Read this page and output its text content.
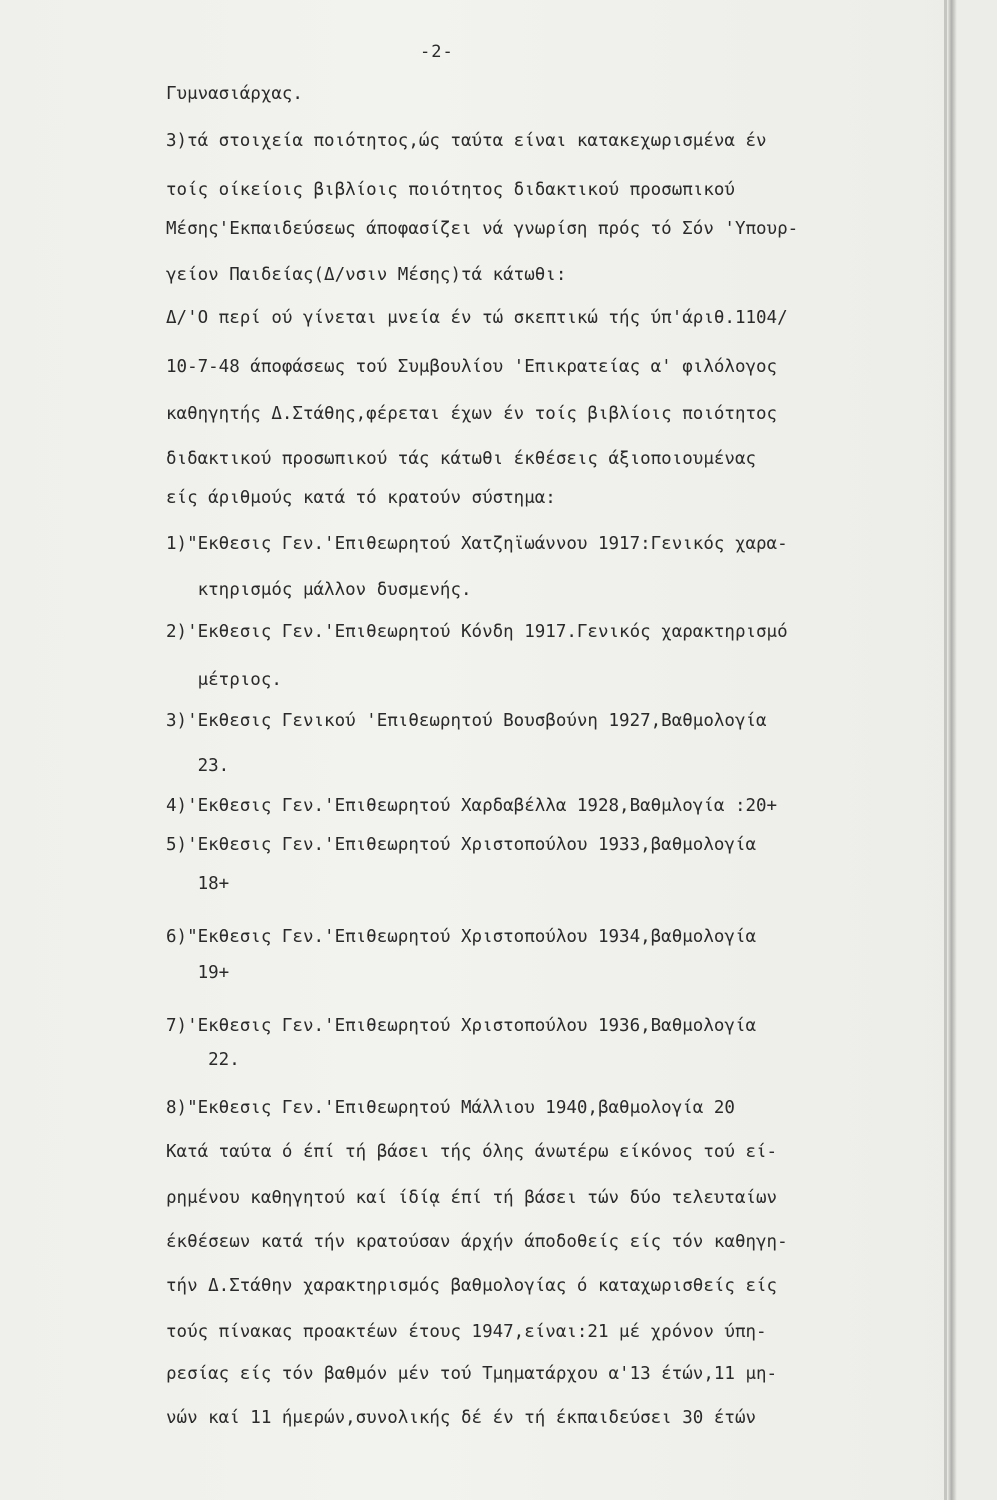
-2-
Γυμνασιάρχας.
3)τά στοιχεία ποιότητος,ώς ταύτα είναι κατακεχωρισμένα έν
τοίς οίκείοις βιβλίοις ποιότητος διδακτικού προσωπικού
Μέσης'Εκπαιδεύσεως άποφασίζει νά γνωρίση πρός τό Σόν 'Υπουρ-
γείον Παιδείας(Δ/νσιν Μέσης)τά κάτωθι:
Δ/'Ο περί ού γίνεται μνεία έν τώ σκεπτικώ τής ύπ'άριθ.1104/
10-7-48 άποφάσεως τού Συμβουλίου 'Επικρατείας α' φιλόλογος
καθηγητής Δ.Στάθης,φέρεται έχων έν τοίς βιβλίοις ποιότητος
διδακτικού προσωπικού τάς κάτωθι έκθέσεις άξιοποιουμένας
είς άριθμούς κατά τό κρατούν σύστημα:
1)"Εκθεσις Γεν.'Επιθεωρητού Χατζηϊωάννου 1917:Γενικός χαρα-
κτηρισμός μάλλον δυσμενής.
2)'Εκθεσις Γεν.'Επιθεωρητού Κόνδη 1917.Γενικός χαρακτηρισμό
μέτριος.
3)'Εκθεσις Γενικού 'Επιθεωρητού Βουσβούνη 1927,Βαθμολογία
23.
4)'Εκθεσις Γεν.'Επιθεωρητού Χαρδαβέλλα 1928,Βαθμλογία :20+
5)'Εκθεσις Γεν.'Επιθεωρητού Χριστοπούλου 1933,βαθμολογία
18+
6)"Εκθεσις Γεν.'Επιθεωρητού Χριστοπούλου 1934,βαθμολογία
19+
7)'Εκθεσις Γεν.'Επιθεωρητού Χριστοπούλου 1936,Βαθμολογία
22.
8)"Εκθεσις Γεν.'Επιθεωρητού Μάλλιου 1940,βαθμολογία 20
Κατά ταύτα ό έπί τή βάσει τής όλης άνωτέρω είκόνος τού εί-
ρημένου καθηγητού καί ίδίᾳ έπί τή βάσει τών δύο τελευταίων
έκθέσεων κατά τήν κρατούσαν άρχήν άποδοθείς είς τόν καθηγη-
τήν Δ.Στάθην χαρακτηρισμός βαθμολογίας ό καταχωρισθείς είς
τούς πίνακας προακτέων έτους 1947,είναι:21 μέ χρόνον ύπη-
ρεσίας είς τόν βαθμόν μέν τού Τμηματάρχου α'13 έτών,11 μη-
νών καί 11 ήμερών,συνολικής δέ έν τή έκπαιδεύσει 30 έτών
